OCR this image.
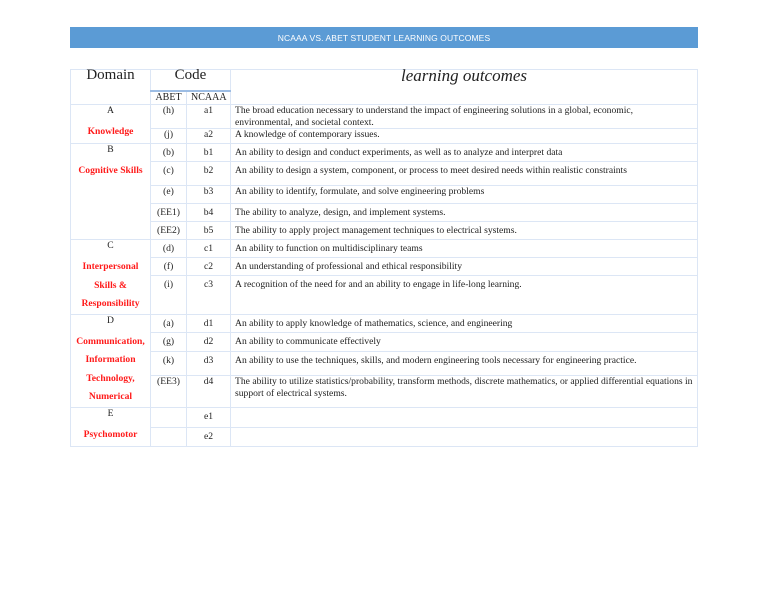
NCAAA VS. ABET STUDENT LEARNING OUTCOMES
Domain	Code		learning outcomes
	ABET	NCAAA	

A
Knowledge	(h)	a1	The broad education necessary to understand the impact of engineering solutions in a global, economic, environmental, and societal context.
	(j)	a2	A knowledge of contemporary issues.

B
Cognitive Skills	(b)	b1	An ability to design and conduct experiments, as well as to analyze and interpret data
	(c)	b2	An ability to design a system, component, or process to meet desired needs within realistic constraints
	(e)	b3	An ability to identify, formulate, and solve engineering problems
	(EE1)	b4	The ability to analyze, design, and implement systems.
	(EE2)	b5	The ability to apply project management techniques to electrical systems.

C
Interpersonal
Skills &
Responsibility	(d)	c1	An ability to function on multidisciplinary teams
	(f)	c2	An understanding of professional and ethical responsibility
	(i)	c3	A recognition of the need for and an ability to engage in life-long learning.

D
Communication,
Information
Technology,
Numerical	(a)	d1	An ability to apply knowledge of mathematics, science, and engineering
	(g)	d2	An ability to communicate effectively
	(k)	d3	An ability to use the techniques, skills, and modern engineering tools necessary for engineering practice.
	(EE3)	d4	The ability to utilize statistics/probability, transform methods, discrete mathematics, or applied differential equations in support of electrical systems.

E
Psychomotor		e1	
		e2	
